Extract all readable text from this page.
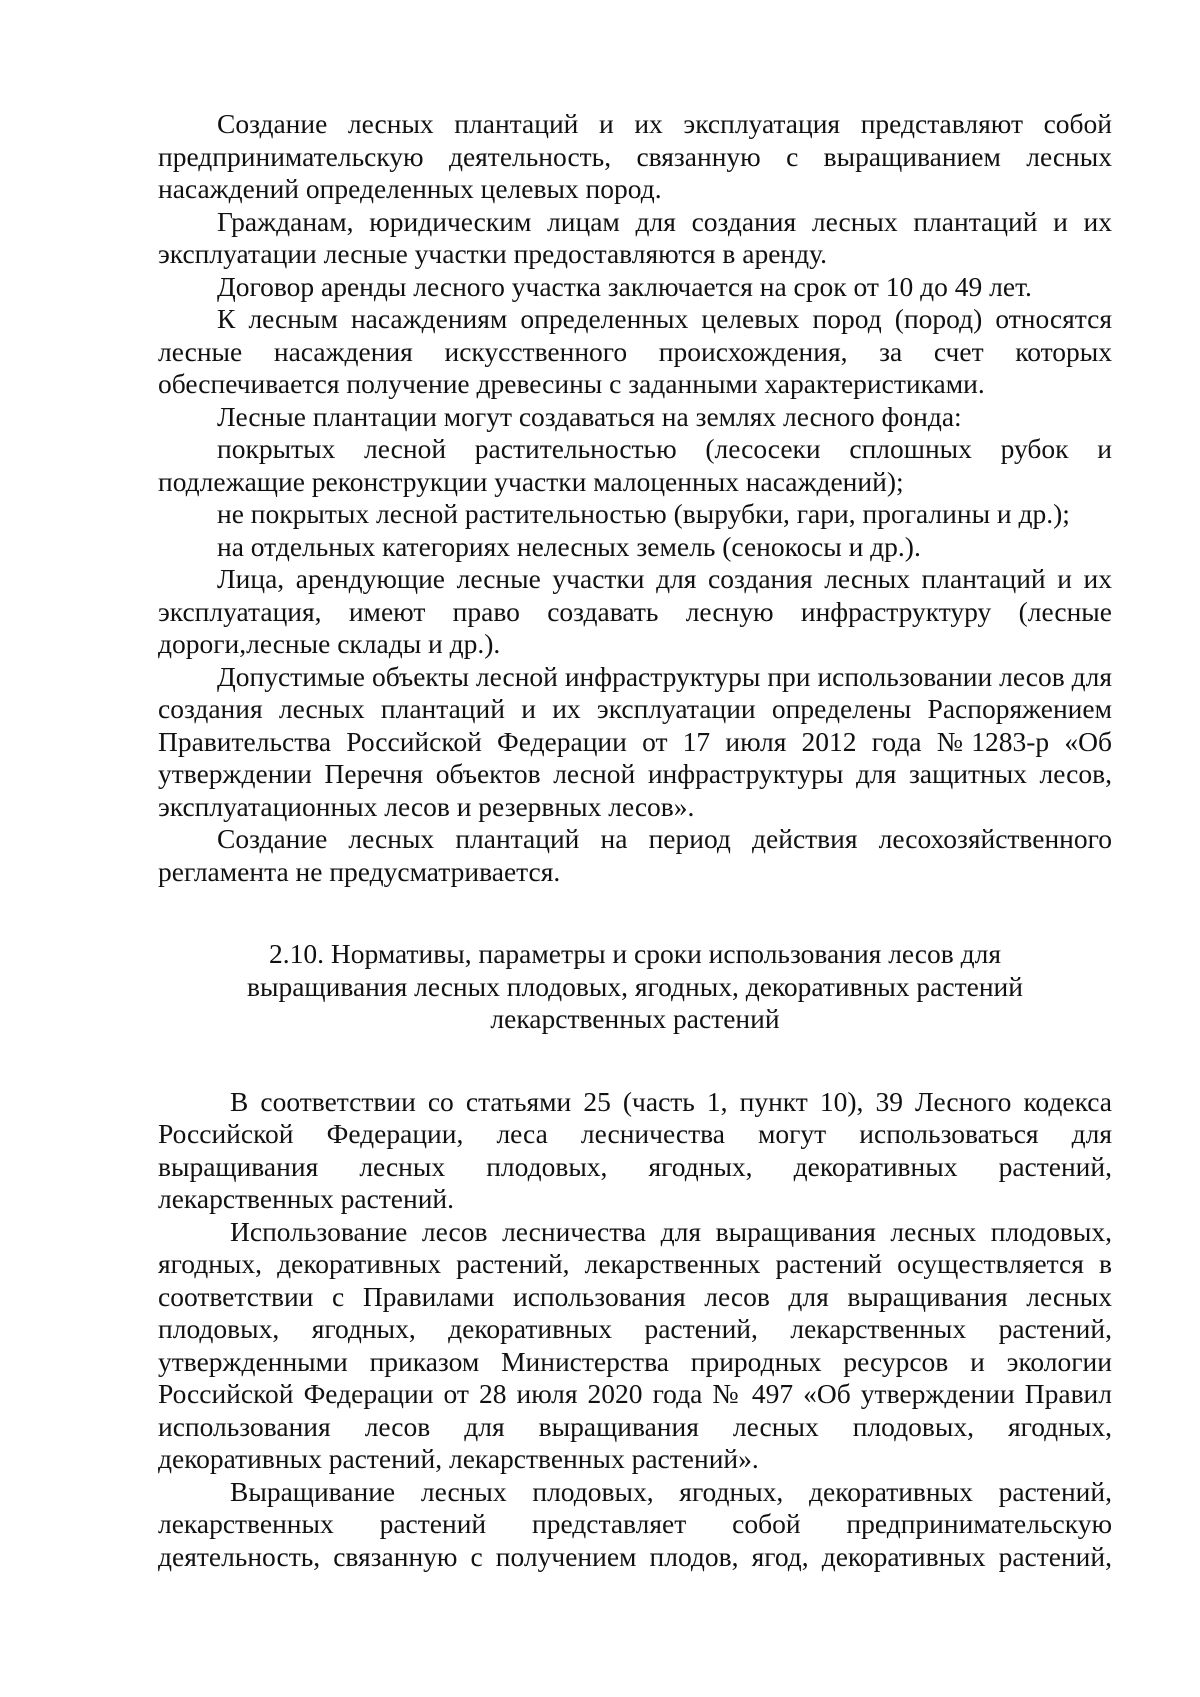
Создание лесных плантаций и их эксплуатация представляют собой предпринимательскую деятельность, связанную с выращиванием лесных насаждений определенных целевых пород.

Гражданам, юридическим лицам для создания лесных плантаций и их эксплуатации лесные участки предоставляются в аренду.

Договор аренды лесного участка заключается на срок от 10 до 49 лет.

К лесным насаждениям определенных целевых пород (пород) относятся лесные насаждения искусственного происхождения, за счет которых обеспечивается получение древесины с заданными характеристиками.

Лесные плантации могут создаваться на землях лесного фонда:

покрытых лесной растительностью (лесосеки сплошных рубок и подлежащие реконструкции участки малоценных насаждений);

не покрытых лесной растительностью (вырубки, гари, прогалины и др.);

на отдельных категориях нелесных земель (сенокосы и др.).

Лица, арендующие лесные участки для создания лесных плантаций и их эксплуатация, имеют право создавать лесную инфраструктуру (лесные дороги,лесные склады и др.).

Допустимые объекты лесной инфраструктуры при использовании лесов для создания лесных плантаций и их эксплуатации определены Распоряжением Правительства Российской Федерации от 17 июля 2012 года №1283-р «Об утверждении Перечня объектов лесной инфраструктуры для защитных лесов, эксплуатационных лесов и резервных лесов».

Создание лесных плантаций на период действия лесохозяйственного регламента не предусматривается.

2.10. Нормативы, параметры и сроки использования лесов для выращивания лесных плодовых, ягодных, декоративных растений лекарственных растений

В соответствии со статьями 25 (часть 1, пункт 10), 39 Лесного кодекса Российской Федерации, леса лесничества могут использоваться для выращивания лесных плодовых, ягодных, декоративных растений, лекарственных растений.

Использование лесов лесничества для выращивания лесных плодовых, ягодных, декоративных растений, лекарственных растений осуществляется в соответствии с Правилами использования лесов для выращивания лесных плодовых, ягодных, декоративных растений, лекарственных растений, утвержденными приказом Министерства природных ресурсов и экологии Российской Федерации от 28 июля 2020 года № 497 «Об утверждении Правил использования лесов для выращивания лесных плодовых, ягодных, декоративных растений, лекарственных растений».

Выращивание лесных плодовых, ягодных, декоративных растений, лекарственных растений представляет собой предпринимательскую деятельность, связанную с получением плодов, ягод, декоративных растений,
